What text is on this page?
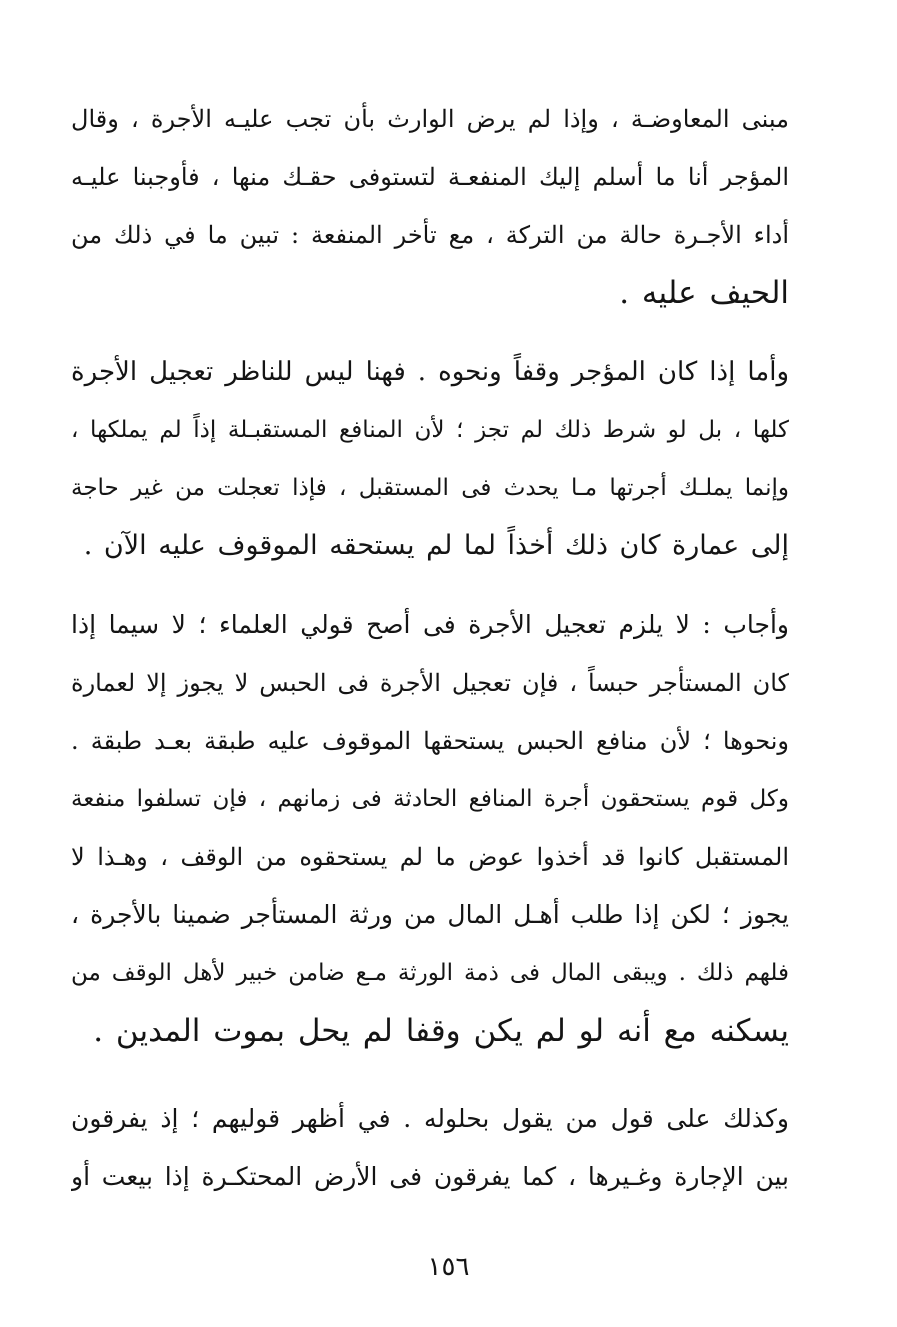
مبنى المعاوضـة ، وإذا لم يرض الوارث بأن تجب عليـه الأجرة ، وقال
المؤجر أنا ما أسلم إليك المنفعـة لتستوفى حقـك منها ، فأوجبنا عليـه
أداء الأجـرة حالة من التركة ، مع تأخر المنفعة : تبين ما في ذلك من
الحيف عليه .
وأما إذا كان المؤجر وقفاً ونحوه . فهنا ليس للناظر تعجيل الأجرة
كلها ، بل لو شرط ذلك لم تجز ؛ لأن المنافع المستقبـلة إذاً لم يملكها ،
وإنما يملـك أجرتها مـا يحدث فى المستقبل ، فإذا تعجلت من غير حاجة
إلى عمارة كان ذلك أخذاً لما لم يستحقه الموقوف عليه الآن .
وأجاب : لا يلزم تعجيل الأجرة فى أصح قولي العلماء ؛ لا سيما إذا
كان المستأجر حبساً ، فإن تعجيل الأجرة فى الحبس لا يجوز إلا لعمارة
ونحوها ؛ لأن منافع الحبس يستحقها الموقوف عليه طبقة بعـد طبقة .
وكل قوم يستحقون أجرة المنافع الحادثة فى زمانهم ، فإن تسلفوا منفعة
المستقبل كانوا قد أخذوا عوض ما لم يستحقوه من الوقف ، وهـذا لا
يجوز ؛ لكن إذا طلب أهـل المال من ورثة المستأجر ضمينا بالأجرة ،
فلهم ذلك . ويبقى المال فى ذمة الورثة مـع ضامن خبير لأهل الوقف من
يسكنه مع أنه لو لم يكن وقفا لم يحل بموت المدين .
وكذلك على قول من يقول بحلوله . في أظهر قوليهم ؛ إذ يفرقون
بين الإجارة وغـيرها ، كما يفرقون فى الأرض المحتكـرة إذا بيعت أو
١٥٦
